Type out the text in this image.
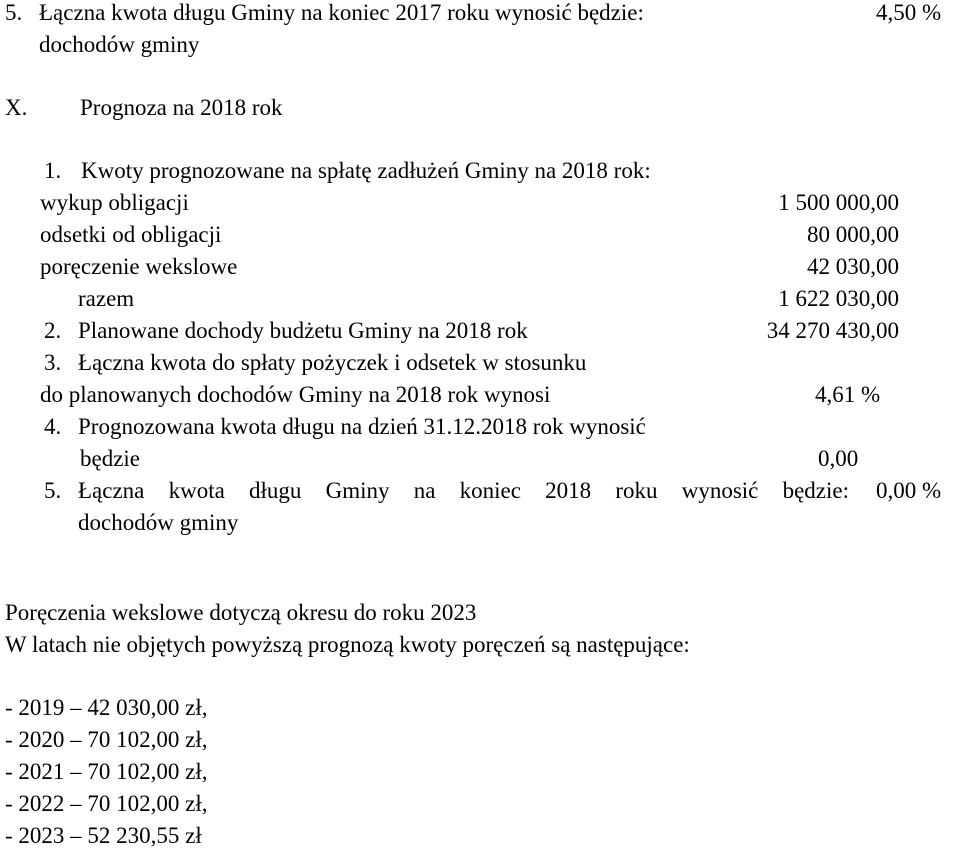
5. Łączna kwota długu Gminy na koniec 2017 roku wynosić będzie:	4,50 %
dochodów gminy
X. Prognoza na 2018 rok
1. Kwoty prognozowane na spłatę zadłużeń Gminy na 2018 rok:
wykup obligacji	1 500 000,00
odsetki od obligacji	80 000,00
poręczenie wekslowe	42 030,00
razem	1 622 030,00
2. Planowane dochody budżetu Gminy na 2018 rok	34 270 430,00
3. Łączna kwota do spłaty pożyczek i odsetek w stosunku
do planowanych dochodów Gminy na 2018 rok wynosi	4,61 %
4. Prognozowana kwota długu na dzień 31.12.2018 rok wynosić
będzie	0,00
5. Łączna kwota długu Gminy na koniec 2018 roku wynosić będzie: 0,00 %
dochodów gminy
Poręczenia wekslowe dotyczą okresu do roku 2023
W latach nie objętych powyższą prognozą kwoty poręczeń są następujące:
- 2019 – 42 030,00 zł,
- 2020 – 70 102,00 zł,
- 2021 – 70 102,00 zł,
- 2022 – 70 102,00 zł,
- 2023 – 52 230,55 zł
